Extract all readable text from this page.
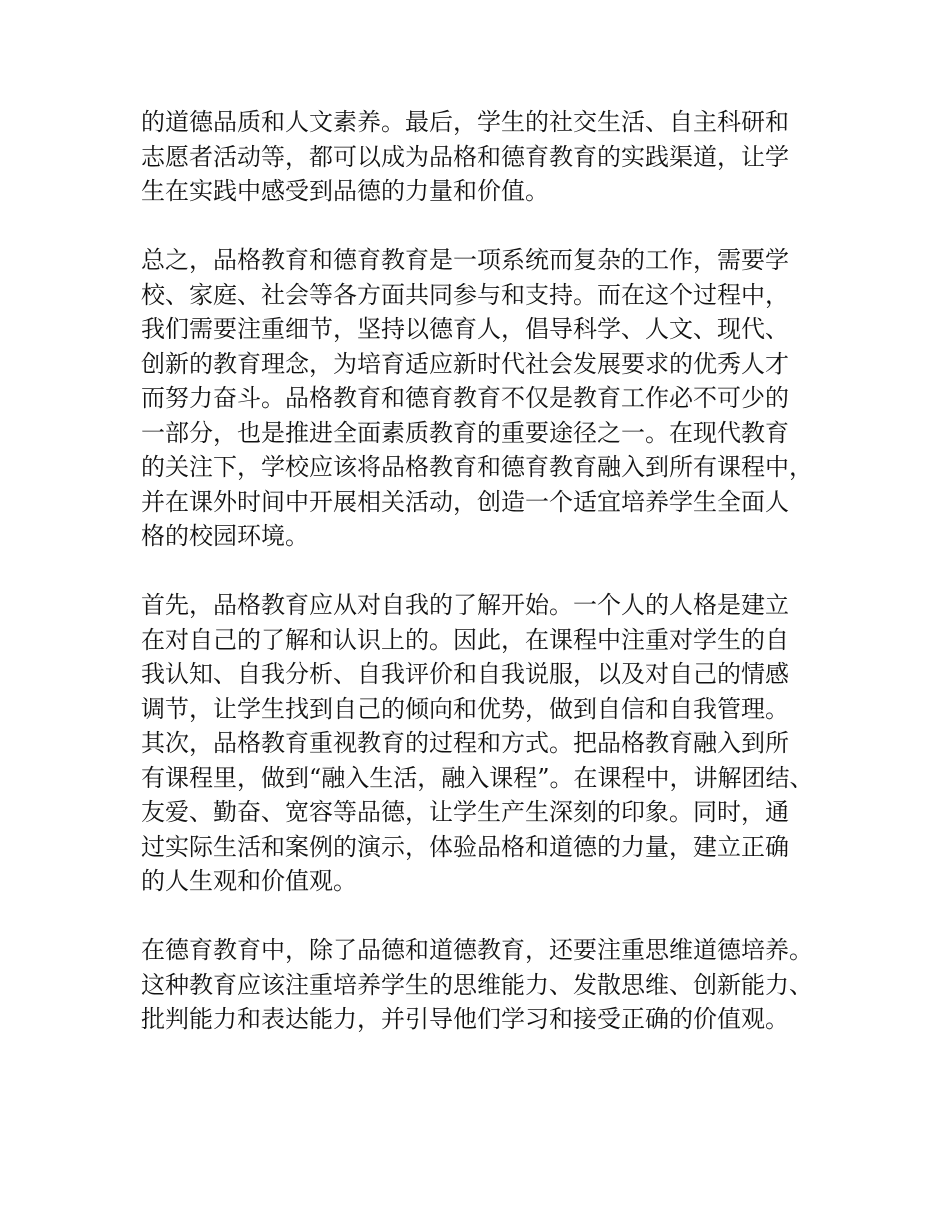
的道德品质和人文素养。最后，学生的社交生活、自主科研和
志愿者活动等，都可以成为品格和德育教育的实践渠道，让学
生在实践中感受到品德的力量和价值。

总之，品格教育和德育教育是一项系统而复杂的工作，需要学
校、家庭、社会等各方面共同参与和支持。而在这个过程中，
我们需要注重细节，坚持以德育人，倡导科学、人文、现代、
创新的教育理念，为培育适应新时代社会发展要求的优秀人才
而努力奋斗。品格教育和德育教育不仅是教育工作必不可少的
一部分，也是推进全面素质教育的重要途径之一。在现代教育
的关注下，学校应该将品格教育和德育教育融入到所有课程中，
并在课外时间中开展相关活动，创造一个适宜培养学生全面人
格的校园环境。

首先，品格教育应从对自我的了解开始。一个人的人格是建立
在对自己的了解和认识上的。因此，在课程中注重对学生的自
我认知、自我分析、自我评价和自我说服，以及对自己的情感
调节，让学生找到自己的倾向和优势，做到自信和自我管理。
其次，品格教育重视教育的过程和方式。把品格教育融入到所
有课程里，做到“融入生活，融入课程”。在课程中，讲解团结、
友爱、勤奋、宽容等品德，让学生产生深刻的印象。同时，通
过实际生活和案例的演示，体验品格和道德的力量，建立正确
的人生观和价值观。

在德育教育中，除了品德和道德教育，还要注重思维道德培养。
这种教育应该注重培养学生的思维能力、发散思维、创新能力、
批判能力和表达能力，并引导他们学习和接受正确的价值观。
